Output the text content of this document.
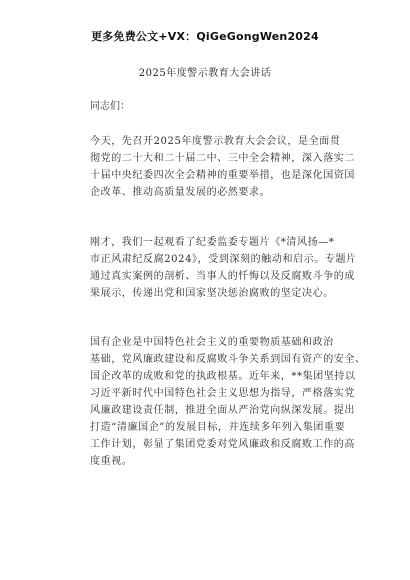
更多免费公文+VX：QiGeGongWen2024
2025年度警示教育大会讲话
同志们：
今天，先召开2025年度警示教育大会会议，是全面贯
彻党的二十大和二十届二中、三中全会精神，深入落实二
十届中央纪委四次全会精神的重要举措，也是深化国资国
企改革、推动高质量发展的必然要求。
刚才，我们一起观看了纪委监委专题片《*清风扬—*
市正风肃纪反腐2024》，受到深刻的触动和启示。专题片
通过真实案例的剖析、当事人的忏悔以及反腐败斗争的成
果展示，传递出党和国家坚决惩治腐败的坚定决心。
国有企业是中国特色社会主义的重要物质基础和政治
基础，党风廉政建设和反腐败斗争关系到国有资产的安全、
国企改革的成败和党的执政根基。近年来，**集团坚持以
习近平新时代中国特色社会主义思想为指导，严格落实党
风廉政建设责任制，推进全面从严治党向纵深发展。提出
打造“清廉国企”的发展目标，并连续多年列入集团重要
工作计划，彰显了集团党委对党风廉政和反腐败工作的高
度重视。
